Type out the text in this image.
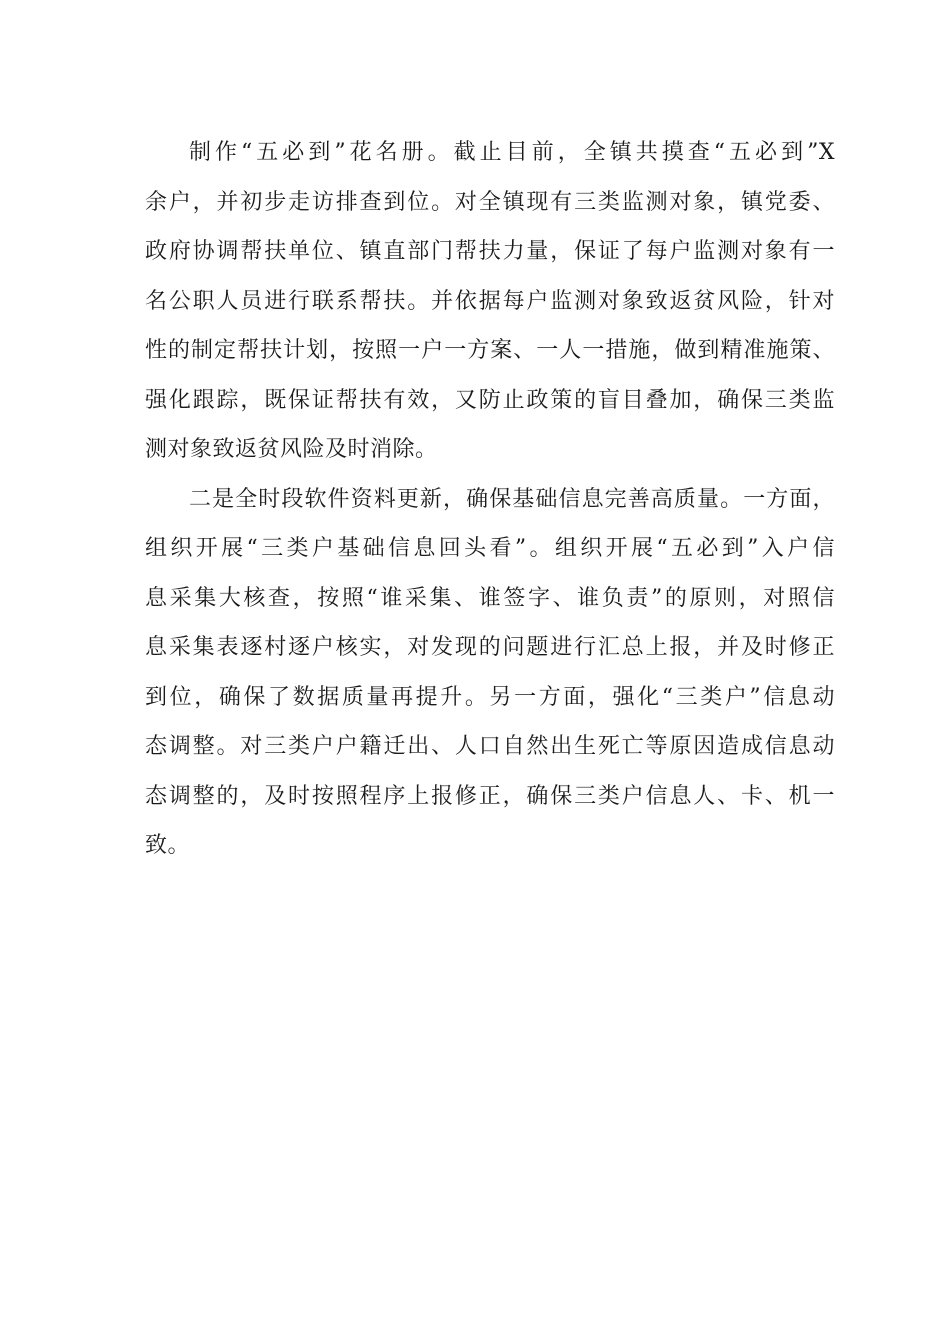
制作“五必到”花名册。截止目前，全镇共摸查“五必到”X
余户，并初步走访排查到位。对全镇现有三类监测对象，镇党委、
政府协调帮扶单位、镇直部门帮扶力量，保证了每户监测对象有一
名公职人员进行联系帮扶。并依据每户监测对象致返贫风险，针对
性的制定帮扶计划，按照一户一方案、一人一措施，做到精准施策、
强化跟踪，既保证帮扶有效，又防止政策的盲目叠加，确保三类监
测对象致返贫风险及时消除。
二是全时段软件资料更新，确保基础信息完善高质量。一方面，
组织开展“三类户基础信息回头看”。组织开展“五必到”入户信
息采集大核查，按照“谁采集、谁签字、谁负责”的原则，对照信
息采集表逐村逐户核实，对发现的问题进行汇总上报，并及时修正
到位，确保了数据质量再提升。另一方面，强化“三类户”信息动
态调整。对三类户户籍迁出、人口自然出生死亡等原因造成信息动
态调整的，及时按照程序上报修正，确保三类户信息人、卡、机一
致。
